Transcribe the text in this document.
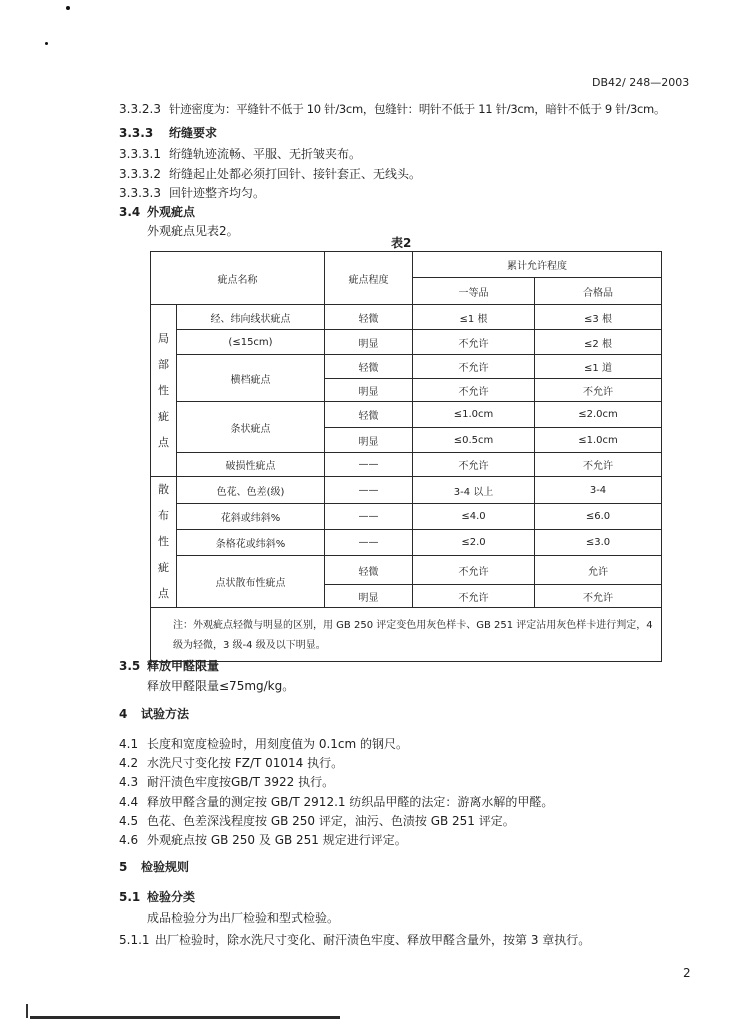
DB42/ 248—2003
3.3.2.3 针迹密度为：平缝针不低于 10 针/3cm，包缝针：明针不低于 11 针/3cm，暗针不低于 9 针/3cm。
3.3.3 绗缝要求
3.3.3.1 绗缝轨迹流畅、平服、无折皱夹布。
3.3.3.2 绗缝起止处都必须打回针、接针套正、无线头。
3.3.3.3 回针迹整齐均匀。
3.4 外观疵点
外观疵点见表2。
表2
疵点名称		疵点程度	累计允许程度	
			一等品	合格品

局
部
性
疵
点	经、纬向线状疵点	轻微	≤1 根	≤3 根
	(≤15cm)	明显	不允许	≤2 根
	横档疵点	轻微	不允许	≤1 道
		明显	不允许	不允许
	条状疵点	轻微	≤1.0cm	≤2.0cm
		明显	≤0.5cm	≤1.0cm
	破损性疵点	——	不允许	不允许

散
布
性
疵
点	色花、色差(级)	——	3-4 以上	3-4
	花斜或纬斜%	——	≤4.0	≤6.0
	条格花或纬斜%	——	≤2.0	≤3.0
	点状散布性疵点	轻微	不允许	允许
		明显	不允许	不允许
注：外观疵点轻微与明显的区别，用 GB 250 评定变色用灰色样卡、GB 251 评定沾用灰色样卡进行判定，4 级为轻微，3 级-4 级及以下明显。				
3.5 释放甲醛限量
释放甲醛限量≤75mg/kg。
4 试验方法
4.1 长度和宽度检验时，用刻度值为 0.1cm 的钢尺。
4.2 水洗尺寸变化按 FZ/T 01014 执行。
4.3 耐汗渍色牢度按GB/T 3922 执行。
4.4 释放甲醛含量的测定按 GB/T 2912.1 纺织品甲醛的法定：游离水解的甲醛。
4.5 色花、色差深浅程度按 GB 250 评定，油污、色渍按 GB 251 评定。
4.6 外观疵点按 GB 250 及 GB 251 规定进行评定。
5 检验规则
5.1 检验分类
成品检验分为出厂检验和型式检验。
5.1.1 出厂检验时，除水洗尺寸变化、耐汗渍色牢度、释放甲醛含量外，按第 3 章执行。
2
